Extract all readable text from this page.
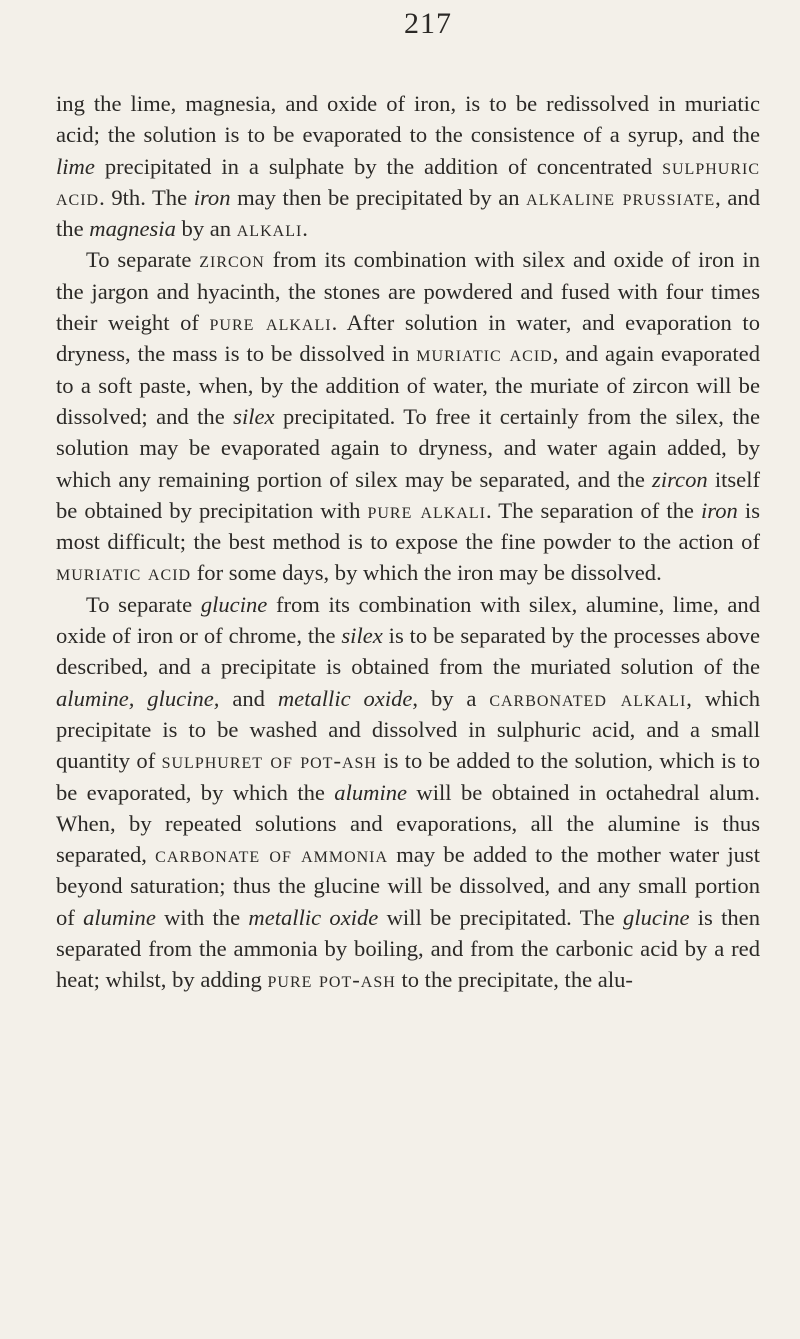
217

ing the lime, magnesia, and oxide of iron, is to be redissolved in muriatic acid; the solution is to be evaporated to the consistence of a syrup, and the lime precipitated in a sulphate by the addition of concentrated sulphuric acid. 9th. The iron may then be precipitated by an alkaline prussiate, and the magnesia by an alkali.

To separate zircon from its combination with silex and oxide of iron in the jargon and hyacinth, the stones are powdered and fused with four times their weight of pure alkali. After solution in water, and evaporation to dryness, the mass is to be dissolved in muriatic acid, and again evaporated to a soft paste, when, by the addition of water, the muriate of zircon will be dissolved; and the silex precipitated. To free it certainly from the silex, the solution may be evaporated again to dryness, and water again added, by which any remaining portion of silex may be separated, and the zircon itself be obtained by precipitation with pure alkali. The separation of the iron is most difficult; the best method is to expose the fine powder to the action of muriatic acid for some days, by which the iron may be dissolved.

To separate glucine from its combination with silex, alumine, lime, and oxide of iron or of chrome, the silex is to be separated by the processes above described, and a precipitate is obtained from the muriated solution of the alumine, glucine, and metallic oxide, by a carbonated alkali, which precipitate is to be washed and dissolved in sulphuric acid, and a small quantity of sulphuret of pot-ash is to be added to the solution, which is to be evaporated, by which the alumine will be obtained in octahedral alum. When, by repeated solutions and evaporations, all the alumine is thus separated, carbonate of ammonia may be added to the mother water just beyond saturation; thus the glucine will be dissolved, and any small portion of alumine with the metallic oxide will be precipitated. The glucine is then separated from the ammonia by boiling, and from the carbonic acid by a red heat; whilst, by adding pure pot-ash to the precipitate, the alu-
